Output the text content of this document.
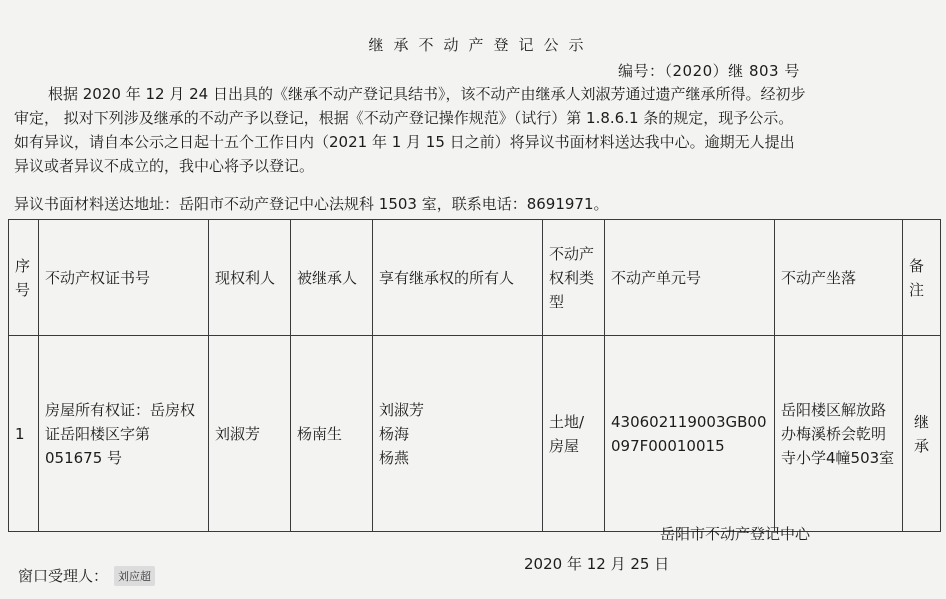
继承不动产登记公示
编号：（2020）继 803 号

根据 2020 年 12 月 24 日出具的《继承不动产登记具结书》，该不动产由继承人刘淑芳通过遗产继承所得。经初步

审定， 拟对下列涉及继承的不动产予以登记，根据《不动产登记操作规范》（试行）第 1.8.6.1 条的规定，现予公示。
如有异议，请自本公示之日起十五个工作日内（2021 年 1 月 15 日之前）将异议书面材料送达我中心。逾期无人提出
异议或者异议不成立的，我中心将予以登记。
异议书面材料送达地址：岳阳市不动产登记中心法规科 1503 室，联系电话：8691971。
序号	不动产权证书号	现权利人	被继承人	享有继承权的所有人	不动产权利类型	不动产单元号	不动产坐落	备注
1	房屋所有权证：岳房权证岳阳楼区字第 051675 号	刘淑芳	杨南生	刘淑芳
杨海
杨燕	土地/房屋	430602119003GB00097F00010015	岳阳楼区解放路办梅溪桥会乾明寺小学4幢503室	继承
岳阳市不动产登记中心
2020 年 12 月 25 日
窗口受理人： 刘应超
